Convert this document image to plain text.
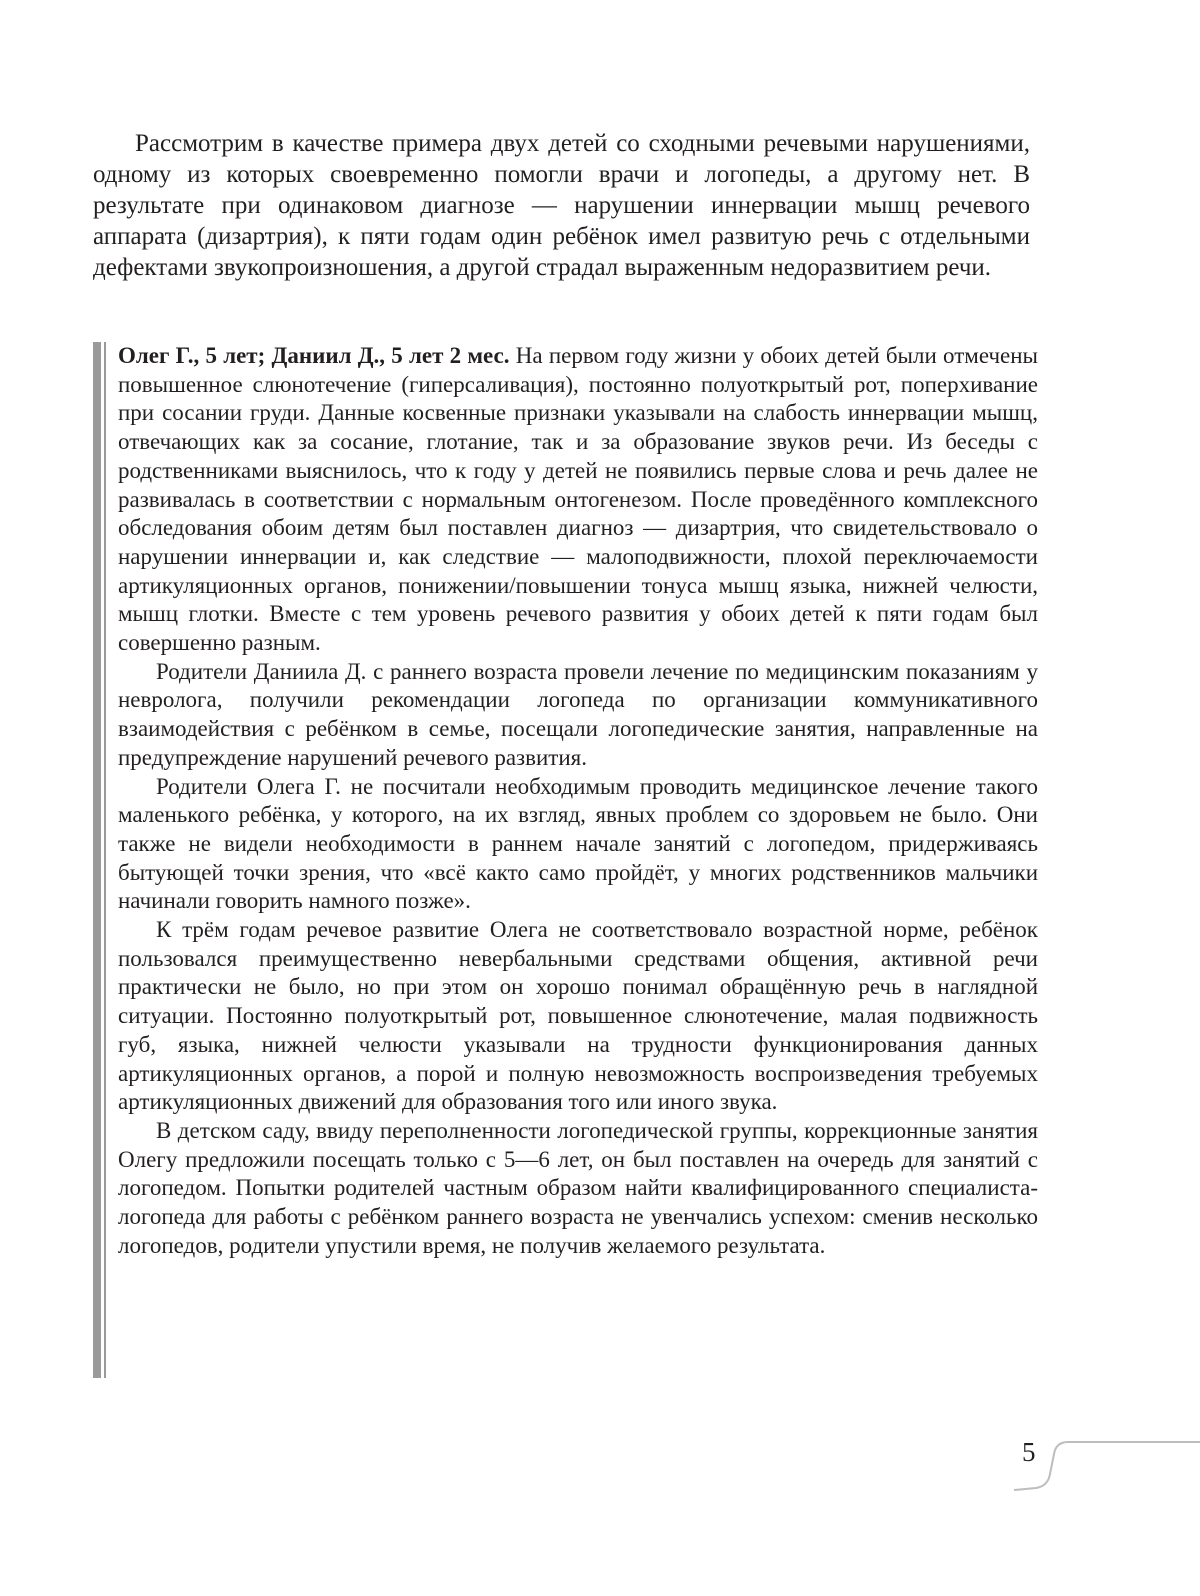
Рассмотрим в качестве примера двух детей со сходными речевыми нарушениями, одному из которых своевременно помогли врачи и логопеды, а другому нет. В результате при одинаковом диагнозе — нарушении иннервации мышц речевого аппарата (дизартрия), к пяти годам один ребёнок имел развитую речь с отдельными дефектами звукопроизношения, а другой страдал выраженным недоразвитием речи.

Олег Г., 5 лет; Даниил Д., 5 лет 2 мес. На первом году жизни у обоих детей были отмечены повышенное слюнотечение (гиперсаливация), постоянно полуоткрытый рот, поперхивание при сосании груди. Данные косвенные признаки указывали на слабость иннервации мышц, отвечающих как за сосание, глотание, так и за образование звуков речи. Из беседы с родственниками выяснилось, что к году у детей не появились первые слова и речь далее не развивалась в соответствии с нормальным онтогенезом. После проведённого комплексного обследования обоим детям был поставлен диагноз — дизартрия, что свидетельствовало о нарушении иннервации и, как следствие — малоподвижности, плохой переключаемости артикуляционных органов, понижении/повышении тонуса мышц языка, нижней челюсти, мышц глотки. Вместе с тем уровень речевого развития у обоих детей к пяти годам был совершенно разным.

Родители Даниила Д. с раннего возраста провели лечение по медицинским показаниям у невролога, получили рекомендации логопеда по организации коммуникативного взаимодействия с ребёнком в семье, посещали логопедические занятия, направленные на предупреждение нарушений речевого развития.

Родители Олега Г. не посчитали необходимым проводить медицинское лечение такого маленького ребёнка, у которого, на их взгляд, явных проблем со здоровьем не было. Они также не видели необходимости в раннем начале занятий с логопедом, придерживаясь бытующей точки зрения, что «всё както само пройдёт, у многих родственников мальчики начинали говорить намного позже».

К трём годам речевое развитие Олега не соответствовало возрастной норме, ребёнок пользовался преимущественно невербальными средствами общения, активной речи практически не было, но при этом он хорошо понимал обращённую речь в наглядной ситуации. Постоянно полуоткрытый рот, повышенное слюнотечение, малая подвижность губ, языка, нижней челюсти указывали на трудности функционирования данных артикуляционных органов, а порой и полную невозможность воспроизведения требуемых артикуляционных движений для образования того или иного звука.

В детском саду, ввиду переполненности логопедической группы, коррекционные занятия Олегу предложили посещать только с 5—6 лет, он был поставлен на очередь для занятий с логопедом. Попытки родителей частным образом найти квалифицированного специалиста-логопеда для работы с ребёнком раннего возраста не увенчались успехом: сменив несколько логопедов, родители упустили время, не получив желаемого результата.

5
